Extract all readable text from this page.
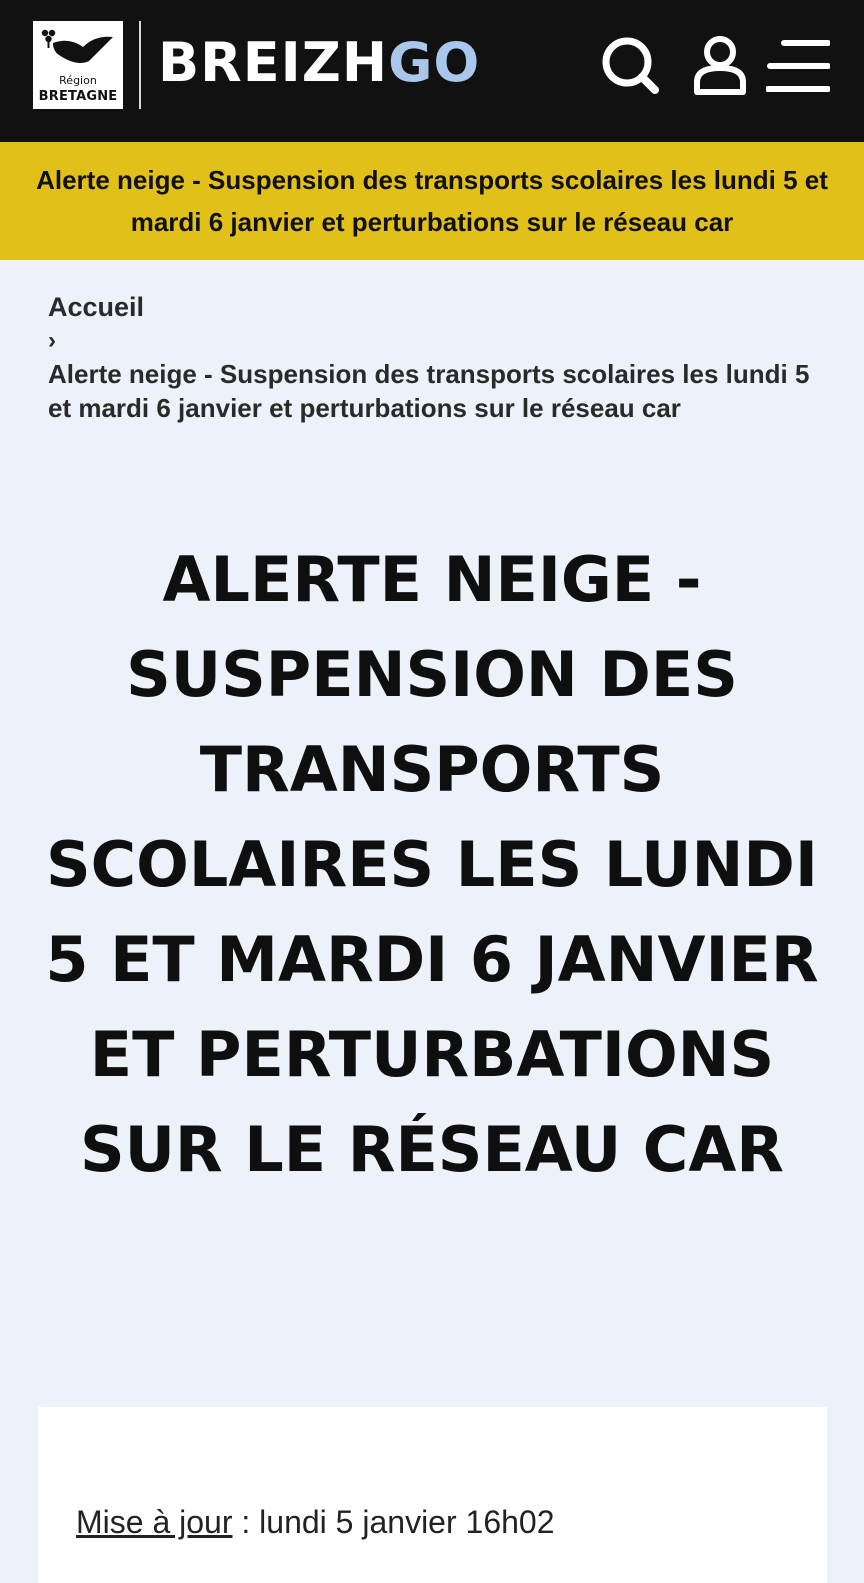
Région
BRETAGNE
BREIZHGO
Alerte neige - Suspension des transports scolaires les lundi 5 et mardi 6 janvier et perturbations sur le réseau car
Accueil
›
Alerte neige - Suspension des transports scolaires les lundi 5 et mardi 6 janvier et perturbations sur le réseau car
ALERTE NEIGE - SUSPENSION DES TRANSPORTS SCOLAIRES LES LUNDI 5 ET MARDI 6 JANVIER ET PERTURBATIONS SUR LE RÉSEAU CAR

Mise à jour : lundi 5 janvier 16h02
